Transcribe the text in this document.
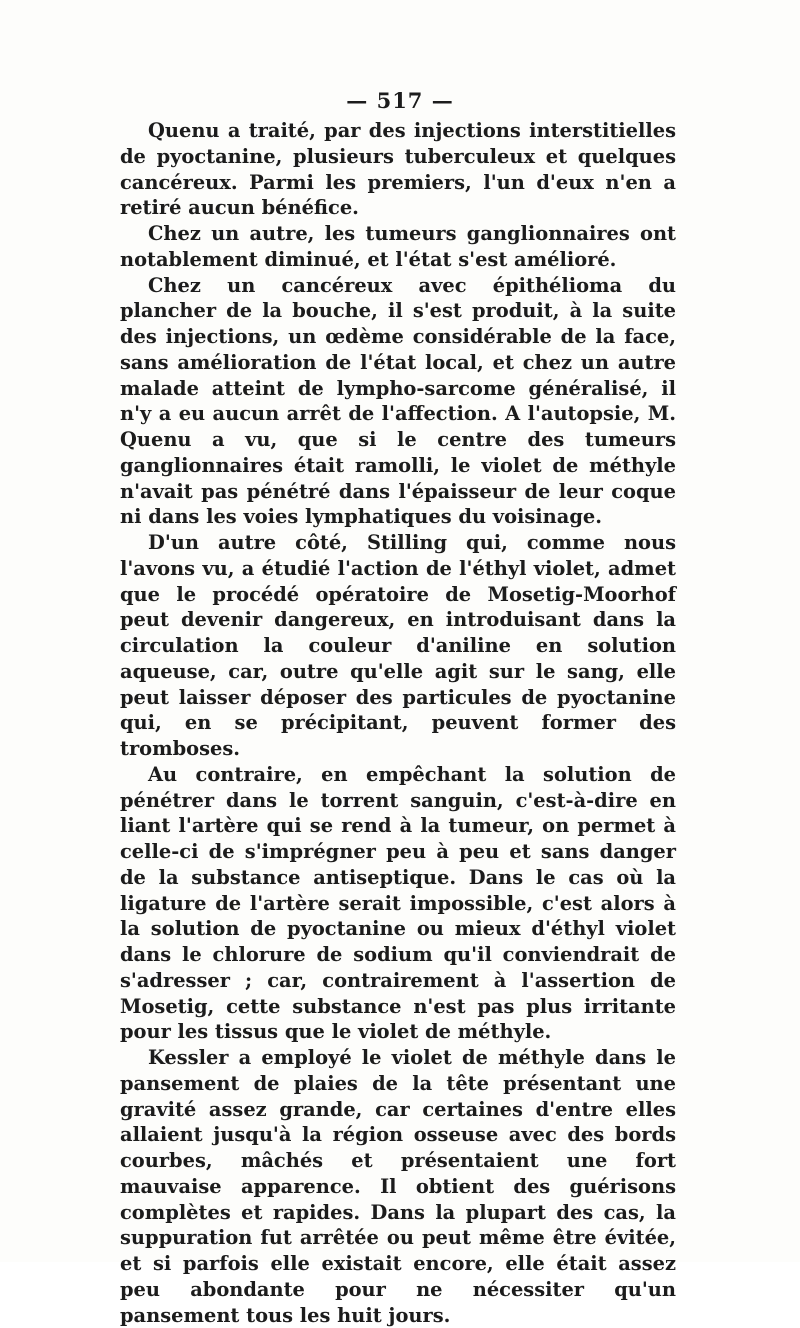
— 517 —

Quenu a traité, par des injections interstitielles de pyoctanine, plusieurs tuberculeux et quelques cancéreux. Parmi les premiers, l'un d'eux n'en a retiré aucun bénéfice.

Chez un autre, les tumeurs ganglionnaires ont notablement diminué, et l'état s'est amélioré.

Chez un cancéreux avec épithélioma du plancher de la bouche, il s'est produit, à la suite des injections, un œdème considérable de la face, sans amélioration de l'état local, et chez un autre malade atteint de lympho-sarcome généralisé, il n'y a eu aucun arrêt de l'affection. A l'autopsie, M. Quenu a vu, que si le centre des tumeurs ganglionnaires était ramolli, le violet de méthyle n'avait pas pénétré dans l'épaisseur de leur coque ni dans les voies lymphatiques du voisinage.

D'un autre côté, Stilling qui, comme nous l'avons vu, a étudié l'action de l'éthyl violet, admet que le procédé opératoire de Mosetig-Moorhof peut devenir dangereux, en introduisant dans la circulation la couleur d'aniline en solution aqueuse, car, outre qu'elle agit sur le sang, elle peut laisser déposer des particules de pyoctanine qui, en se précipitant, peuvent former des tromboses.

Au contraire, en empêchant la solution de pénétrer dans le torrent sanguin, c'est-à-dire en liant l'artère qui se rend à la tumeur, on permet à celle-ci de s'imprégner peu à peu et sans danger de la substance antiseptique. Dans le cas où la ligature de l'artère serait impossible, c'est alors à la solution de pyoctanine ou mieux d'éthyl violet dans le chlorure de sodium qu'il conviendrait de s'adresser ; car, contrairement à l'assertion de Mosetig, cette substance n'est pas plus irritante pour les tissus que le violet de méthyle.

Kessler a employé le violet de méthyle dans le pansement de plaies de la tête présentant une gravité assez grande, car certaines d'entre elles allaient jusqu'à la région osseuse avec des bords courbes, mâchés et présentaient une fort mauvaise apparence. Il obtient des guérisons complètes et rapides. Dans la plupart des cas, la suppuration fut arrêtée ou peut même être évitée, et si parfois elle existait encore, elle était assez peu abondante pour ne nécessiter qu'un pansement tous les huit jours.
